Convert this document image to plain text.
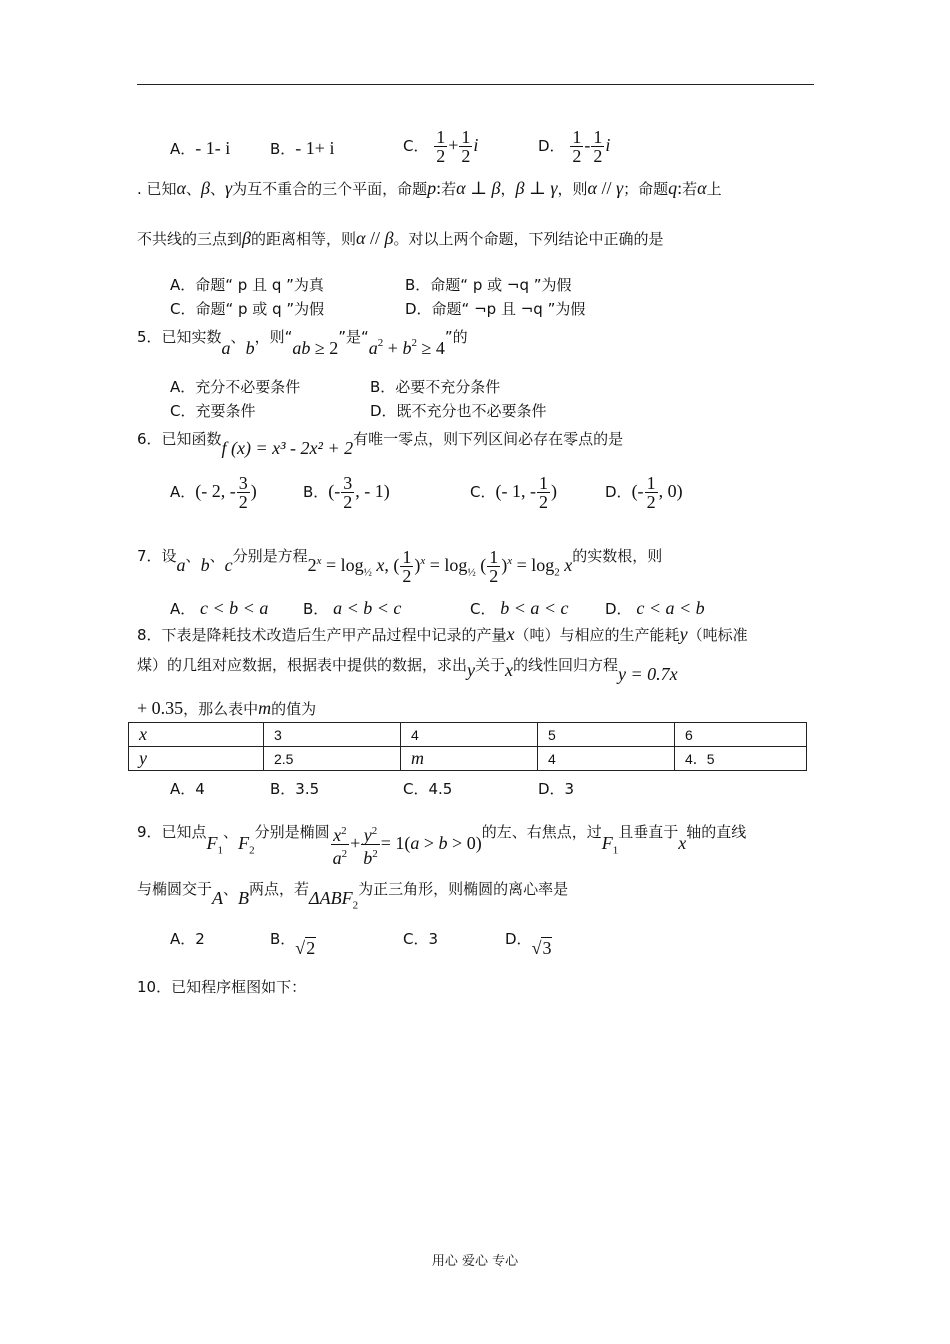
A．- 1- i	B．- 1+ i	C． $\frac{1}{2} + \frac{1}{2}$ i	D． $\frac{1}{2} - \frac{1}{2}$ i
. 已知α、β、γ为互不重合的三个平面，命题p:若α ⊥ β，β ⊥ γ，则α // γ；命题q:若α上
不共线的三点到β的距离相等，则α // β。对以上两个命题，下列结论中正确的是
A．命题“ p 且 q ”为真	B．命题“ p 或 ¬q ”为假
C．命题“ p 或 q ”为假	D．命题“ ¬p 且 ¬q ”为假
5．已知实数a、b，则“ab ≥ 2”是“$a_2 + b_2 \ge 4$”的
A．充分不必要条件	B．必要不充分条件
C．充要条件	D．既不充分也不必要条件
6．已知函数f (x) = x³ - 2x² + 2有唯一零点，则下列区间必存在零点的是
A．(- 2, - $\frac{3}{2}$ )	B．(- $\frac{3}{2}$ , - 1)	C．(- 1, - $\frac{1}{2}$ )	D．(- $\frac{1}{2}$ , 0)
7．设a、b、c分别是方程$2^x = \log_{\frac{1}{2}} x$, ( $\frac{1}{2} )^x = \log_{\frac{1}{2}}$ ( $\frac{1}{2} )^x = \log_2 x$的实数根，则
A． c < b < a B． a < b < c	C． b < a < c D． c < a < b
8．下表是降耗技术改造后生产甲产品过程中记录的产量x（吨）与相应的生产能耗y（吨标准
煤）的几组对应数据，根据表中提供的数据，求出y关于x的线性回归方程y = 0.7x
+ 0.35，那么表中m的值为
x	3	4	5	6
y	2.5	m	4	4．5
A．4	B．3.5	C．4.5	D．3
9．已知点$F_1$、$F_2$分别是椭圆 $\frac{x^2}{a^2} + \frac{y^2}{b^2} = 1(a > b > 0)$的左、右焦点，过$F_1$且垂直于x轴的直线
与椭圆交于A、B两点，若$\Delta ABF_2$为正三角形，则椭圆的离心率是
A．2	B．√2	C．3	D．√3
10．已知程序框图如下：
用心 爱心 专心
